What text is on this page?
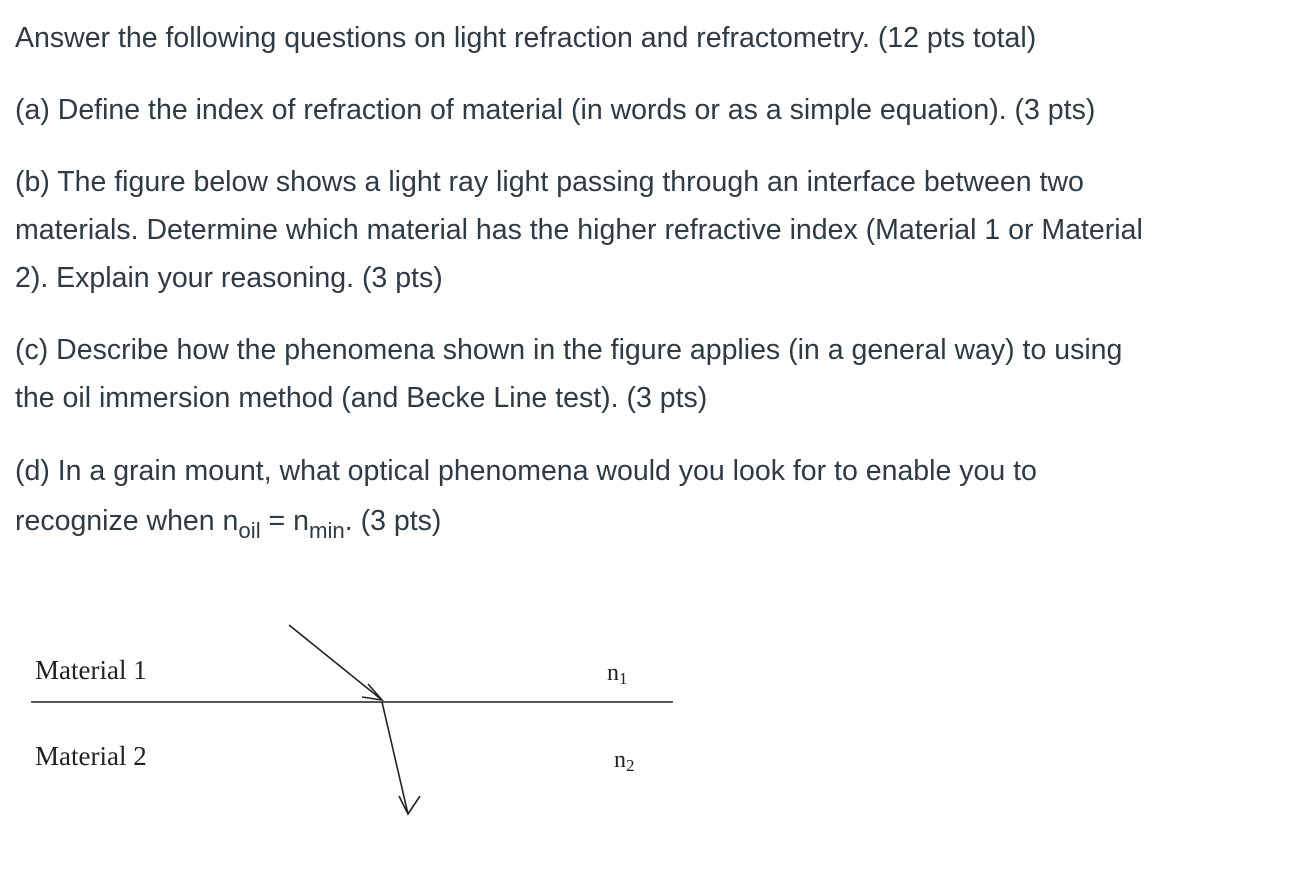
Answer the following questions on light refraction and refractometry. (12 pts total)

(a) Define the index of refraction of material (in words or as a simple equation). (3 pts)

(b) The figure below shows a light ray light passing through an interface between two
materials. Determine which material has the higher refractive index (Material 1 or Material
2). Explain your reasoning. (3 pts)
(c) Describe how the phenomena shown in the figure applies (in a general way) to using
the oil immersion method (and Becke Line test). (3 pts)
(d) In a grain mount, what optical phenomena would you look for to enable you to
recognize when $n_{oil} = n_{min}$. (3 pts)
Material 1
Material 2
n1
n2
